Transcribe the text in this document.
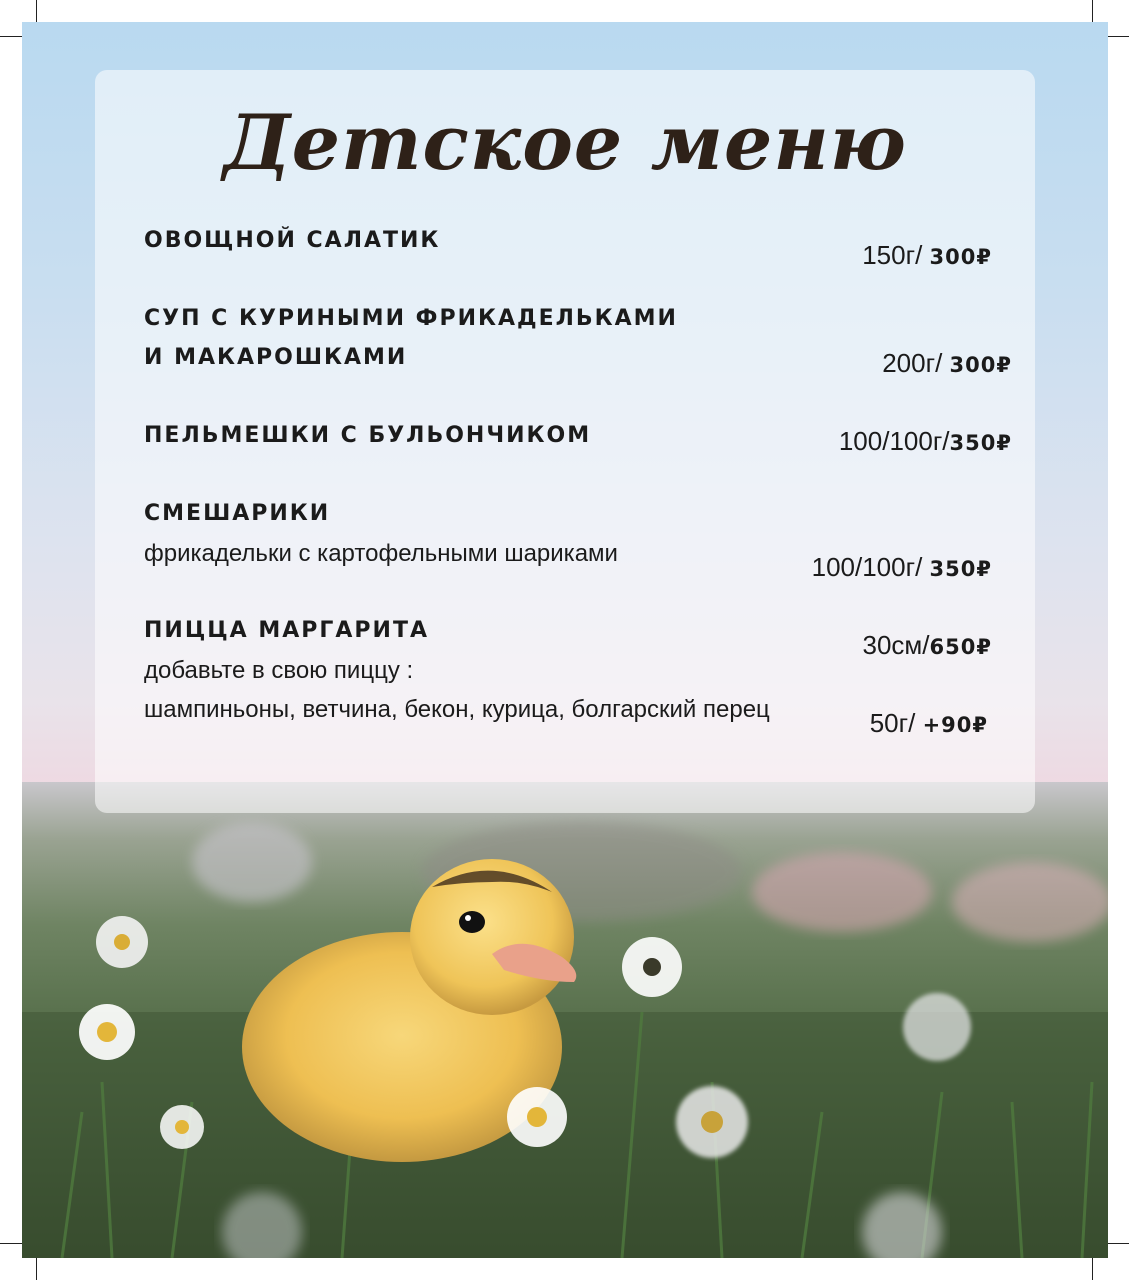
Детское меню
ОВОЩНОЙ САЛАТИК	150г/ 300₽
СУП С КУРИНЫМИ ФРИКАДЕЛЬКАМИ
И МАКАРОШКАМИ	200г/ 300₽
ПЕЛЬМЕШКИ С БУЛЬОНЧИКОМ	100/100г/350₽
СМЕШАРИКИ
фрикадельки с картофельными шариками	100/100г/ 350₽
ПИЦЦА МАРГАРИТА	30см/650₽
добавьте в свою пиццу :
шампиньоны, ветчина, бекон, курица, болгарский перец	50г/ +90₽
